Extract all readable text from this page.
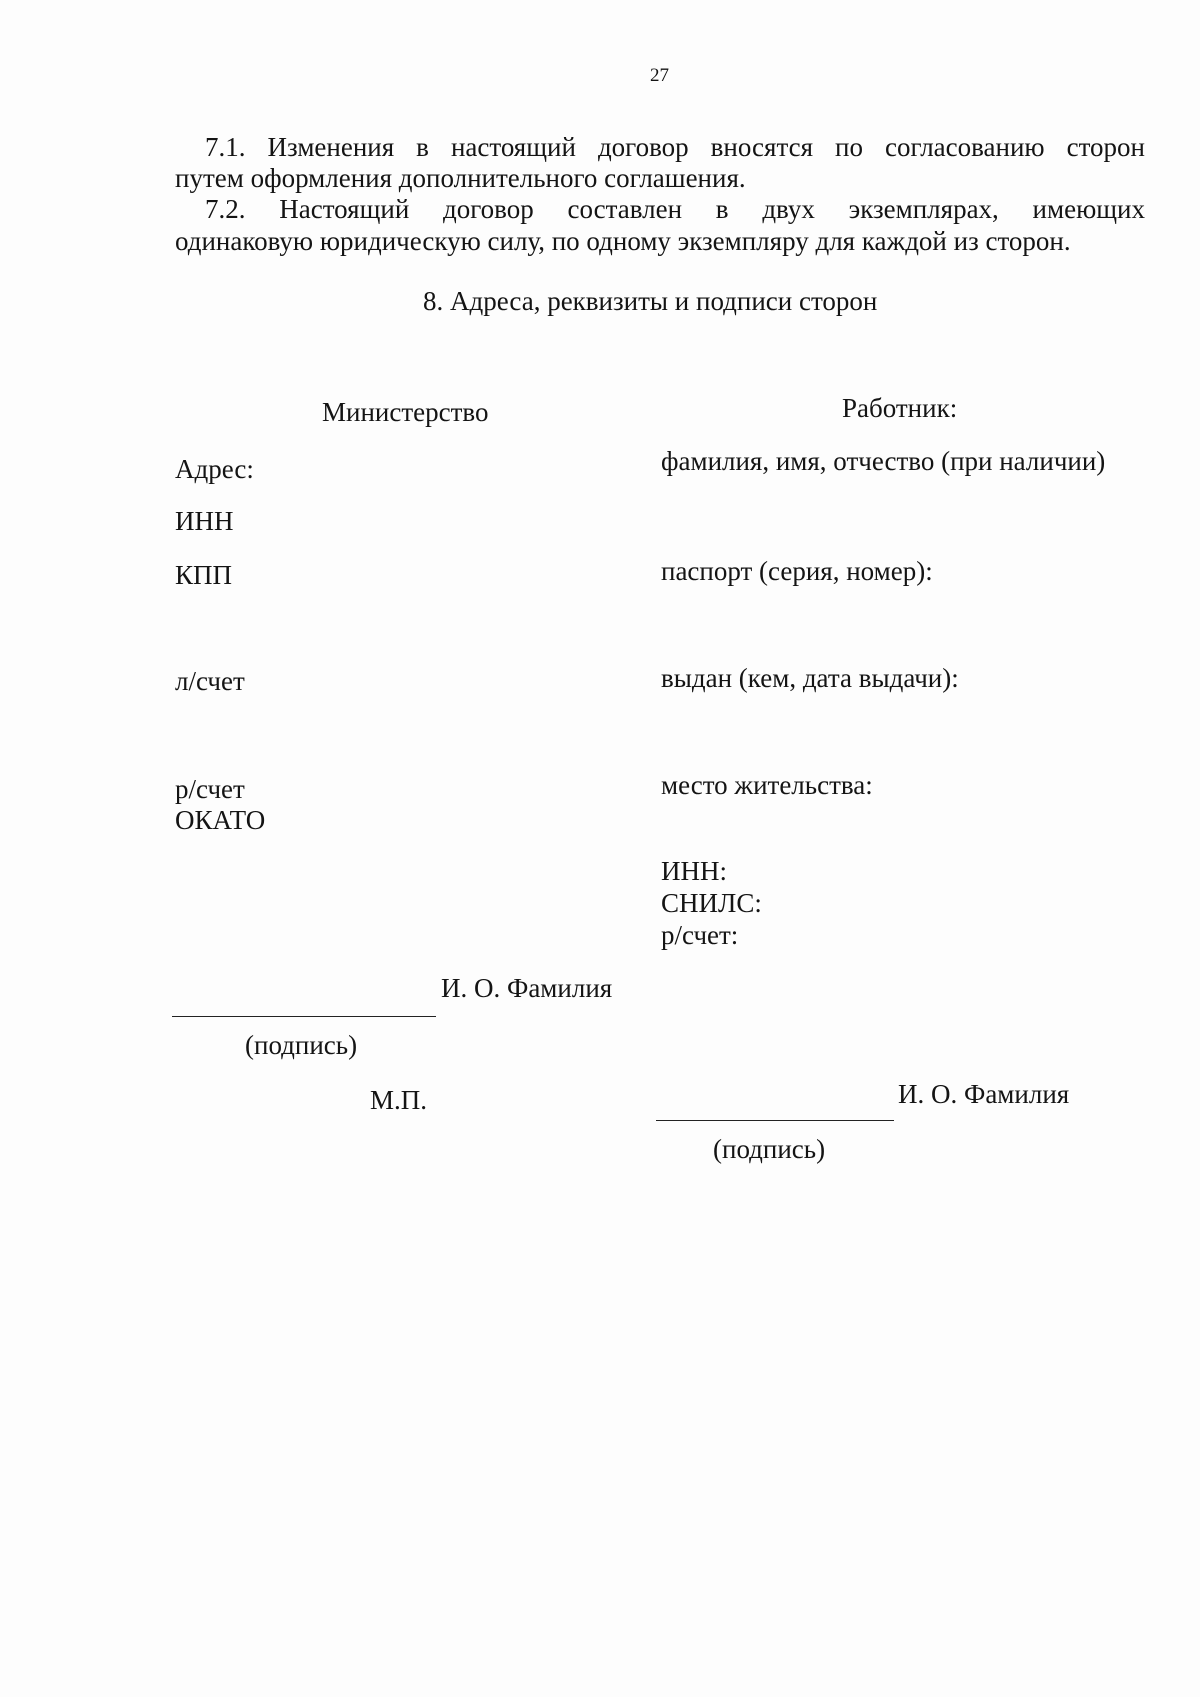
27
7.1. Изменения в настоящий договор вносятся по согласованию сторон
путем оформления дополнительного соглашения.
7.2. Настоящий договор составлен в двух экземплярах, имеющих
одинаковую юридическую силу, по одному экземпляру для каждой из сторон.
8. Адреса, реквизиты и подписи сторон
Министерство
Адрес:
ИНН
КПП
л/счет
р/счет
ОКАТО
И. О. Фамилия
(подпись)
М.П.
Работник:
фамилия, имя, отчество (при наличии)
паспорт (серия, номер):
выдан (кем, дата выдачи):
место жительства:
ИНН:
СНИЛС:
р/счет:
И. О. Фамилия
(подпись)
